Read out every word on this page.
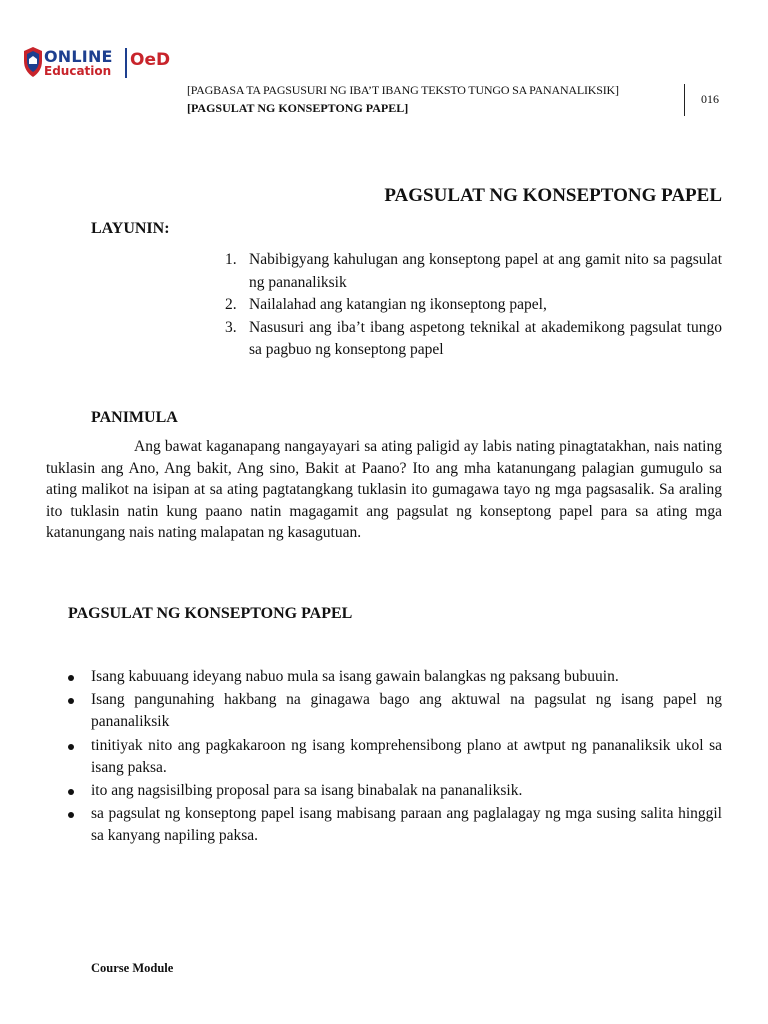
ONLINE
Education
OeD
[PAGBASA TA PAGSUSURI NG IBA’T IBANG TEKSTO TUNGO SA PANANALIKSIK]
[PAGSULAT NG KONSEPTONG PAPEL]
016
PAGSULAT NG KONSEPTONG PAPEL
LAYUNIN:
1. Nabibigyang kahulugan ang konseptong papel at ang gamit nito sa pagsulat ng pananaliksik
2. Nailalahad ang katangian ng ikonseptong papel,
3. Nasusuri ang iba’t ibang aspetong teknikal at akademikong pagsulat tungo sa pagbuo ng konseptong papel
PANIMULA

Ang bawat kaganapang nangayayari sa ating paligid ay labis nating pinagtatakhan, nais nating tuklasin ang Ano, Ang bakit, Ang sino, Bakit at Paano? Ito ang mha katanungang palagian gumugulo sa ating malikot na isipan at sa ating pagtatangkang tuklasin ito gumagawa tayo ng mga pagsasalik. Sa araling ito tuklasin natin kung paano natin magagamit ang pagsulat ng konseptong papel para sa ating mga katanungang nais nating malapatan ng kasagutuan.

PAGSULAT NG KONSEPTONG PAPEL
Isang kabuuang ideyang nabuo mula sa isang gawain balangkas ng paksang bubuuin.
Isang pangunahing hakbang na ginagawa bago ang aktuwal na pagsulat ng isang papel ng pananaliksik
tinitiyak nito ang pagkakaroon ng isang komprehensibong plano at awtput ng pananaliksik ukol sa isang paksa.
ito ang nagsisilbing proposal para sa isang binabalak na pananaliksik.
sa pagsulat ng konseptong papel isang mabisang paraan ang paglalagay ng mga susing salita hinggil sa kanyang napiling paksa.
Course Module
